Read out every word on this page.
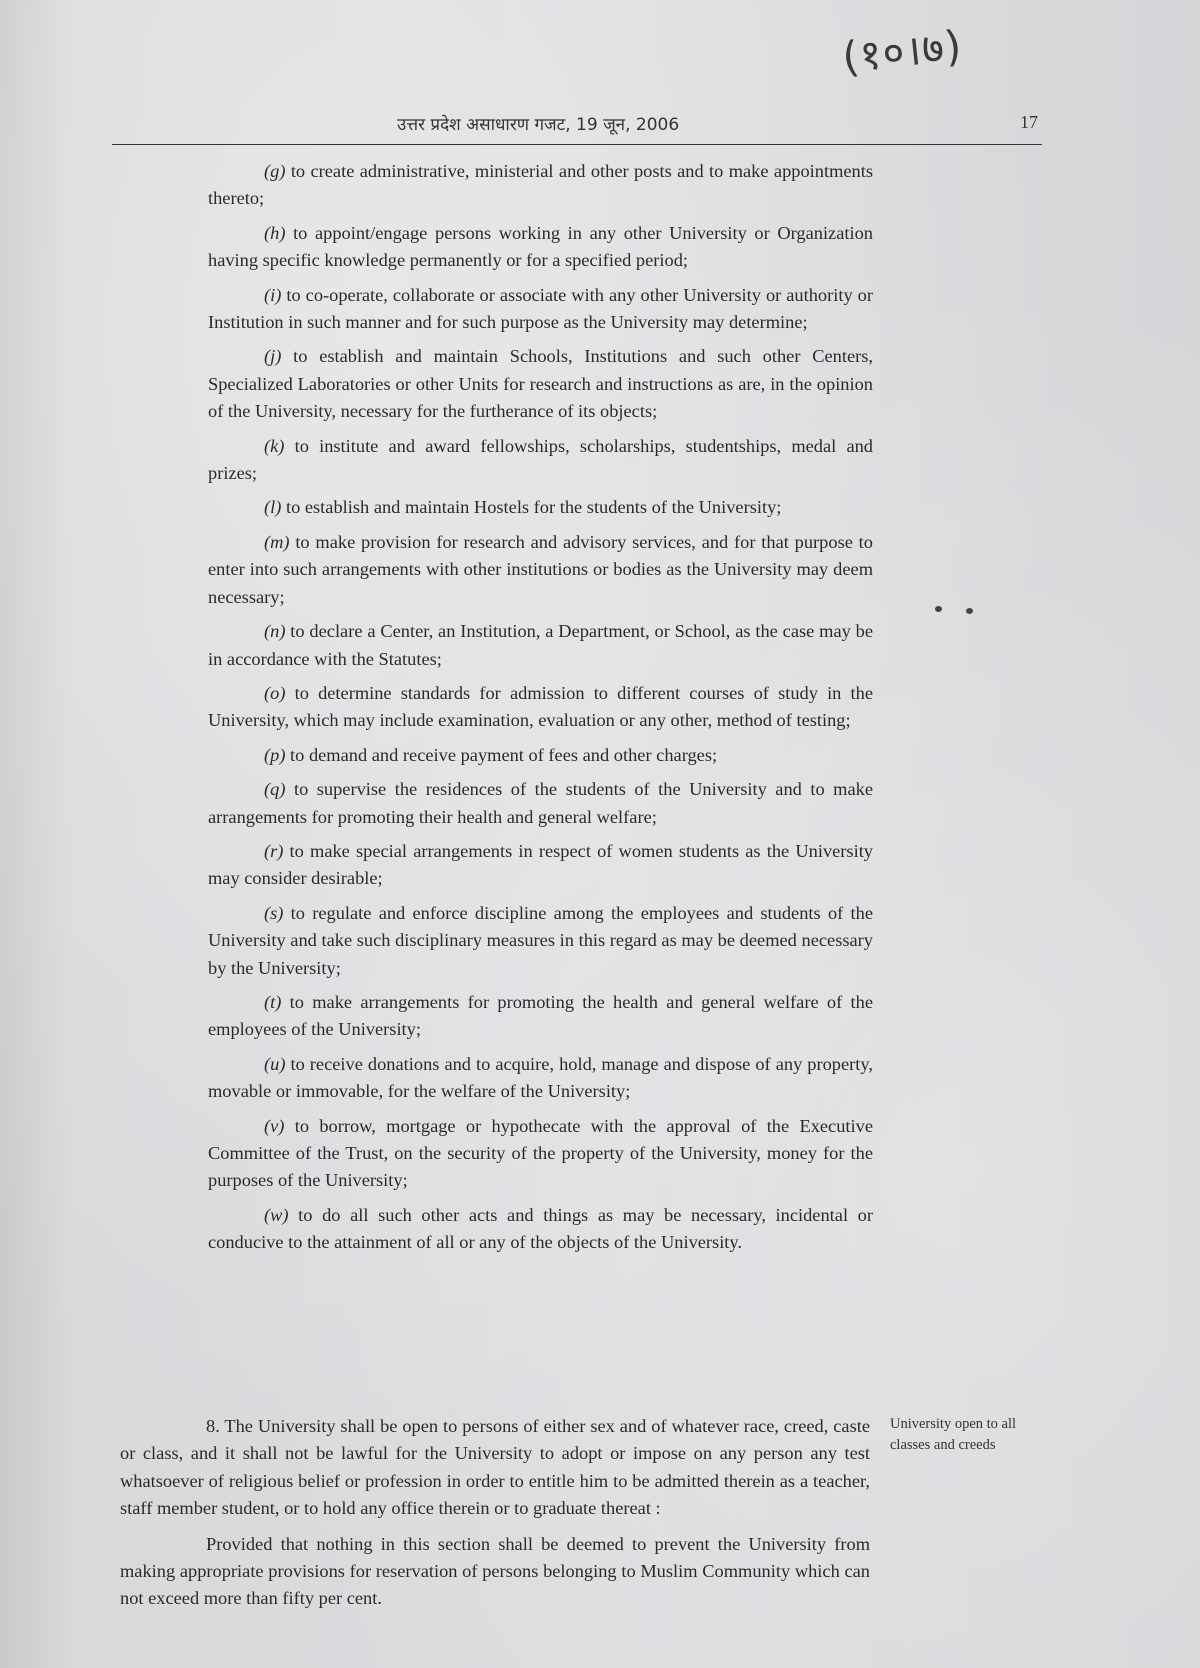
(१०।७)
उत्तर प्रदेश असाधारण गजट, 19 जून, 2006	17

(g) to create administrative, ministerial and other posts and to make appointments thereto;

(h) to appoint/engage persons working in any other University or Organization having specific knowledge permanently or for a specified period;

(i) to co-operate, collaborate or associate with any other University or authority or Institution in such manner and for such purpose as the University may determine;

(j) to establish and maintain Schools, Institutions and such other Centers, Specialized Laboratories or other Units for research and instructions as are, in the opinion of the University, necessary for the furtherance of its objects;

(k) to institute and award fellowships, scholarships, studentships, medal and prizes;

(l) to establish and maintain Hostels for the students of the University;

(m) to make provision for research and advisory services, and for that purpose to enter into such arrangements with other institutions or bodies as the University may deem necessary;

(n) to declare a Center, an Institution, a Department, or School, as the case may be in accordance with the Statutes;

(o) to determine standards for admission to different courses of study in the University, which may include examination, evaluation or any other, method of testing;

(p) to demand and receive payment of fees and other charges;

(q) to supervise the residences of the students of the University and to make arrangements for promoting their health and general welfare;

(r) to make special arrangements in respect of women students as the University may consider desirable;

(s) to regulate and enforce discipline among the employees and students of the University and take such disciplinary measures in this regard as may be deemed necessary by the University;

(t) to make arrangements for promoting the health and general welfare of the employees of the University;

(u) to receive donations and to acquire, hold, manage and dispose of any property, movable or immovable, for the welfare of the University;

(v) to borrow, mortgage or hypothecate with the approval of the Executive Committee of the Trust, on the security of the property of the University, money for the purposes of the University;

(w) to do all such other acts and things as may be necessary, incidental or conducive to the attainment of all or any of the objects of the University.

8. The University shall be open to persons of either sex and of whatever race, creed, caste or class, and it shall not be lawful for the University to adopt or impose on any person any test whatsoever of religious belief or profession in order to entitle him to be admitted therein as a teacher, staff member student, or to hold any office therein or to graduate thereat :

Provided that nothing in this section shall be deemed to prevent the University from making appropriate provisions for reservation of persons belonging to Muslim Community which can not exceed more than fifty per cent.

University open to all classes and creeds
